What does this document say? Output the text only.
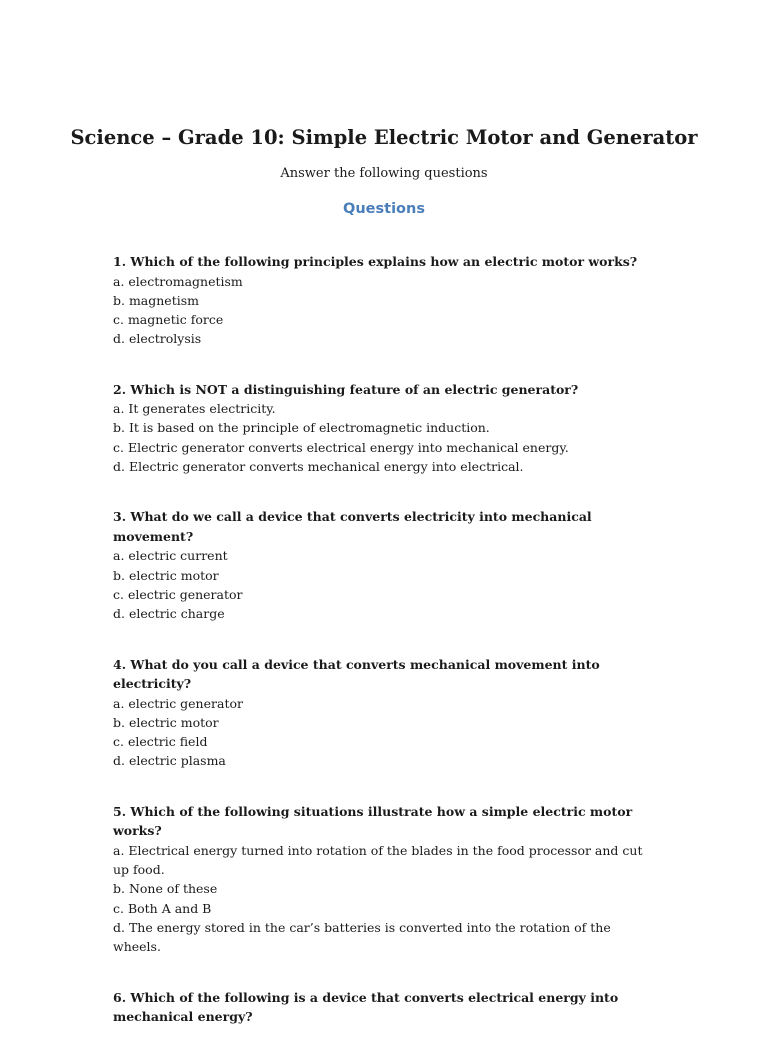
Science – Grade 10: Simple Electric Motor and Generator

Answer the following questions

Questions

1. Which of the following principles explains how an electric motor works?

a. electromagnetism
b. magnetism
c. magnetic force
d. electrolysis

2. Which is NOT a distinguishing feature of an electric generator?

a. It generates electricity.
b. It is based on the principle of electromagnetic induction.
c. Electric generator converts electrical energy into mechanical energy.
d. Electric generator converts mechanical energy into electrical.

3. What do we call a device that converts electricity into mechanical movement?

a. electric current
b. electric motor
c. electric generator
d. electric charge

4. What do you call a device that converts mechanical movement into electricity?

a. electric generator
b. electric motor
c. electric field
d. electric plasma

5. Which of the following situations illustrate how a simple electric motor works?

a. Electrical energy turned into rotation of the blades in the food processor and cut up food.
b. None of these
c. Both A and B
d. The energy stored in the car’s batteries is converted into the rotation of the wheels.

6. Which of the following is a device that converts electrical energy into mechanical energy?
